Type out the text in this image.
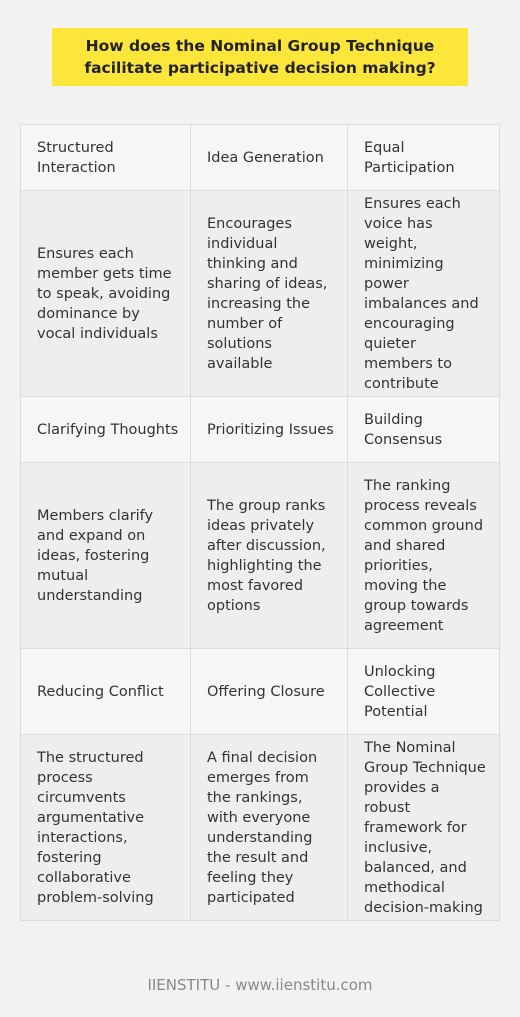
How does the Nominal Group Technique facilitate participative decision making?
Structured Interaction
Idea Generation
Equal Participation
Ensures each member gets time to speak, avoiding dominance by vocal individuals
Encourages individual thinking and sharing of ideas, increasing the number of solutions available
Ensures each voice has weight, minimizing power imbalances and encouraging quieter members to contribute
Clarifying Thoughts	Prioritizing Issues
Building Consensus
Members clarify and expand on ideas, fostering mutual understanding
The group ranks ideas privately after discussion, highlighting the most favored options
The ranking process reveals common ground and shared priorities, moving the group towards agreement
Reducing Conflict	Offering Closure
Unlocking Collective Potential
The structured process circumvents argumentative interactions, fostering collaborative problem-solving
A final decision emerges from the rankings, with everyone understanding the result and feeling they participated
The Nominal Group Technique provides a robust framework for inclusive, balanced, and methodical decision-making
IIENSTITU - www.iienstitu.com
